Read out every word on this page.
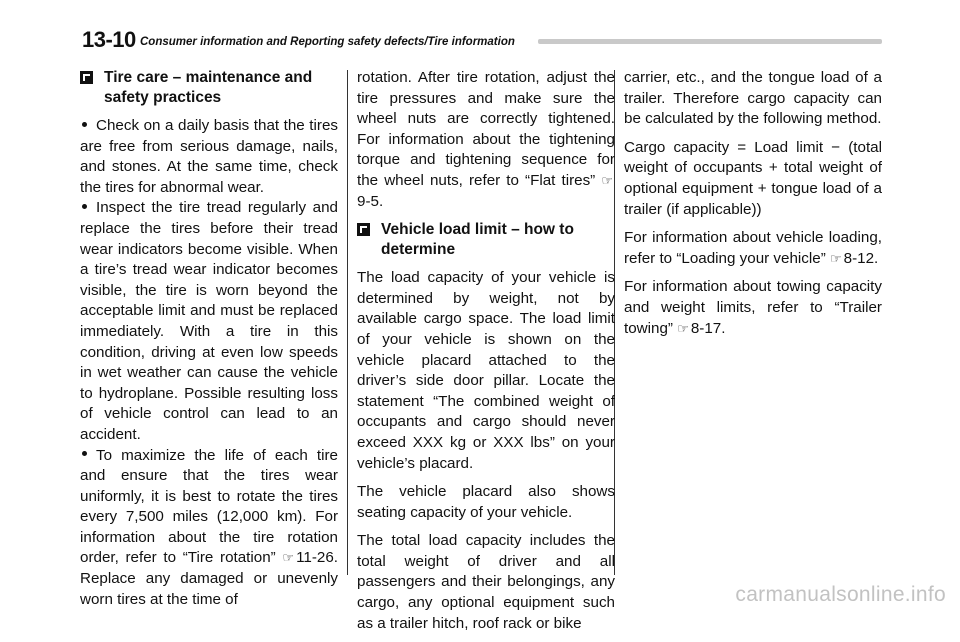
13-10 Consumer information and Reporting safety defects/Tire information
Tire care – maintenance and safety practices

Check on a daily basis that the tires are free from serious damage, nails, and stones. At the same time, check the tires for abnormal wear.

Inspect the tire tread regularly and replace the tires before their tread wear indicators become visible. When a tire’s tread wear indicator becomes visible, the tire is worn beyond the acceptable limit and must be replaced immediately. With a tire in this condition, driving at even low speeds in wet weather can cause the vehicle to hydroplane. Possible resulting loss of vehicle control can lead to an accident.

To maximize the life of each tire and ensure that the tires wear uniformly, it is best to rotate the tires every 7,500 miles (12,000 km). For information about the tire rotation order, refer to “Tire rotation” ☞ 11-26. Replace any damaged or unevenly worn tires at the time of

rotation. After tire rotation, adjust the tire pressures and make sure the wheel nuts are correctly tightened. For information about the tightening torque and tightening sequence for the wheel nuts, refer to “Flat tires” ☞9-5.

Vehicle load limit – how to determine

The load capacity of your vehicle is determined by weight, not by available cargo space. The load limit of your vehicle is shown on the vehicle placard attached to the driver’s side door pillar. Locate the statement “The combined weight of occupants and cargo should never exceed XXX kg or XXX lbs” on your vehicle’s placard.

The vehicle placard also shows seating capacity of your vehicle.

The total load capacity includes the total weight of driver and all passengers and their belongings, any cargo, any optional equipment such as a trailer hitch, roof rack or bike

carrier, etc., and the tongue load of a trailer. Therefore cargo capacity can be calculated by the following method.

Cargo capacity = Load limit − (total weight of occupants + total weight of optional equipment + tongue load of a trailer (if applicable))

For information about vehicle loading, refer to “Loading your vehicle” ☞ 8-12.

For information about towing capacity and weight limits, refer to “Trailer towing” ☞ 8-17.

carmanualsonline.info
